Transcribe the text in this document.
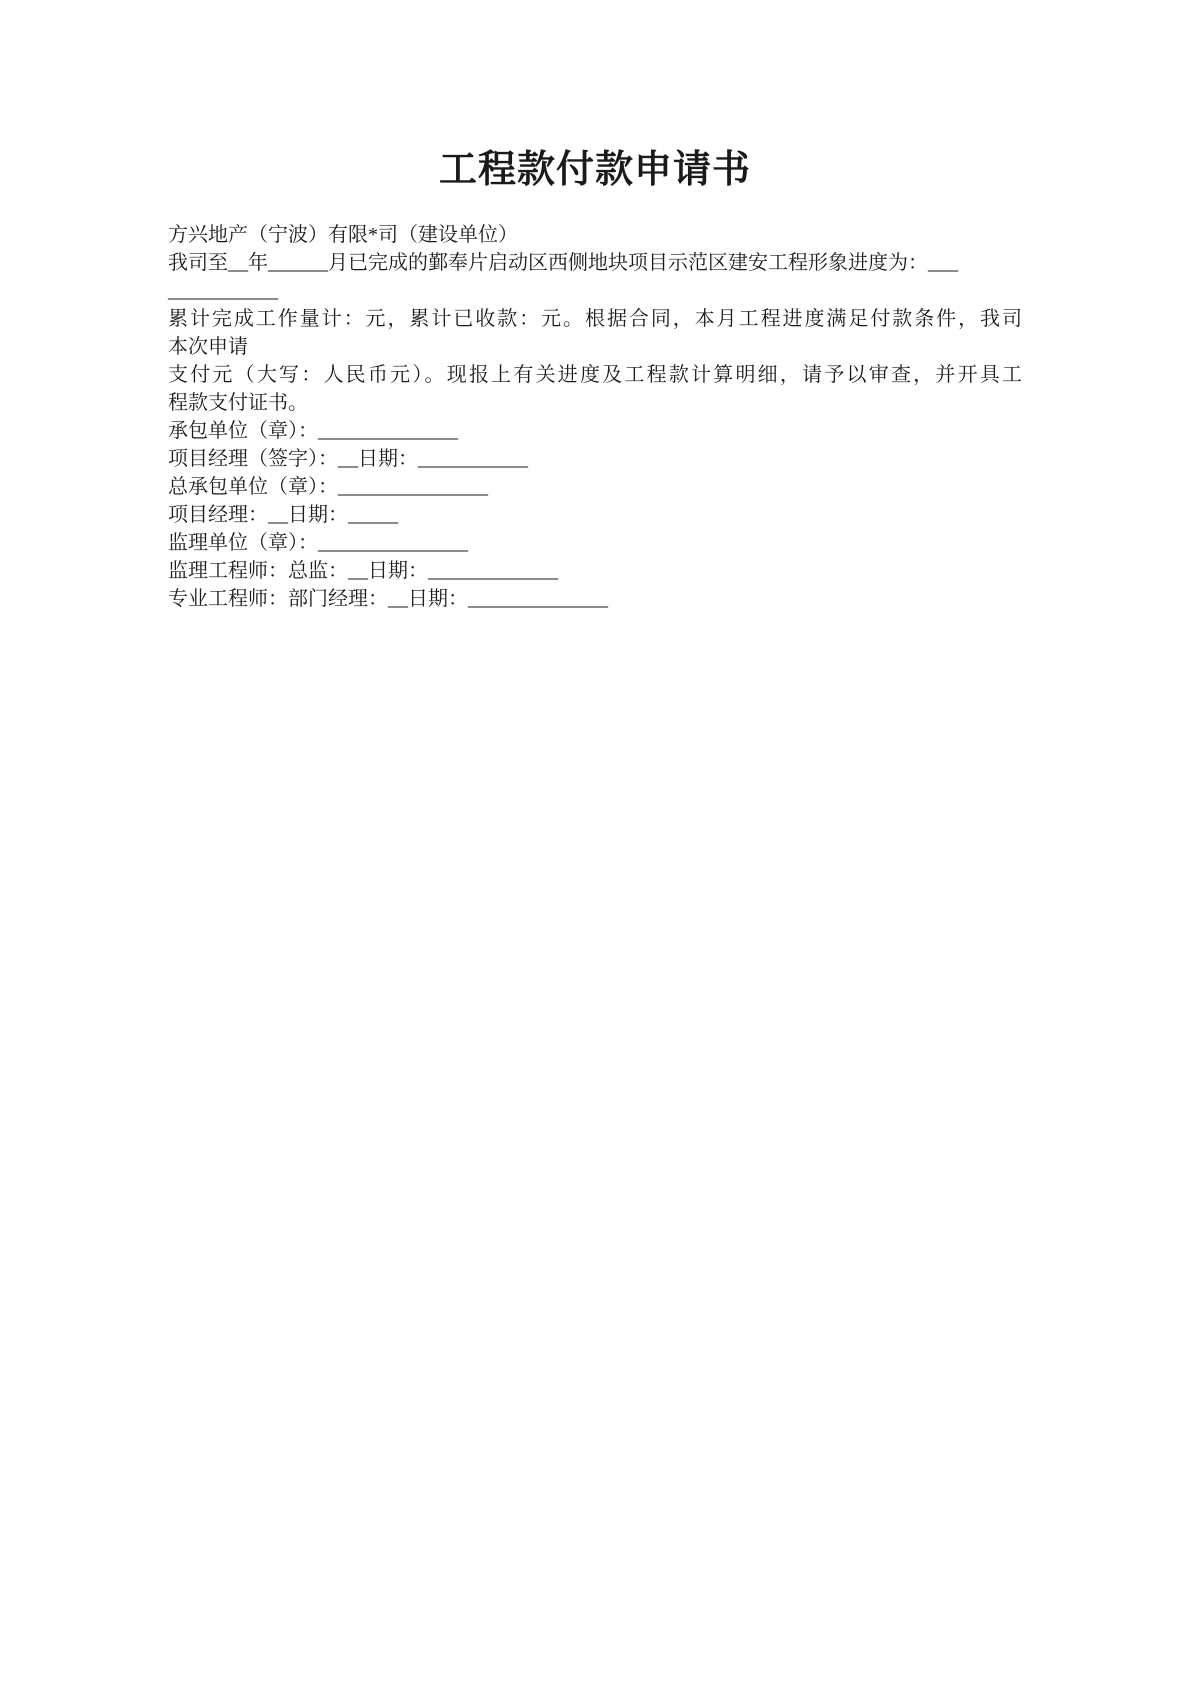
工程款付款申请书
方兴地产（宁波）有限*司（建设单位）
我司至__年______月已完成的鄞奉片启动区西侧地块项目示范区建安工程形象进度为：___
___________
累计完成工作量计：元，累计已收款：元。根据合同，本月工程进度满足付款条件，我司
本次申请
支付元（大写：人民币元）。现报上有关进度及工程款计算明细，请予以审查，并开具工
程款支付证书。
承包单位（章）：______________
项目经理（签字）：__日期：___________
总承包单位（章）：_______________
项目经理：__日期：_____
监理单位（章）：_______________
监理工程师：总监：__日期：_____________
专业工程师：部门经理：__日期：______________
